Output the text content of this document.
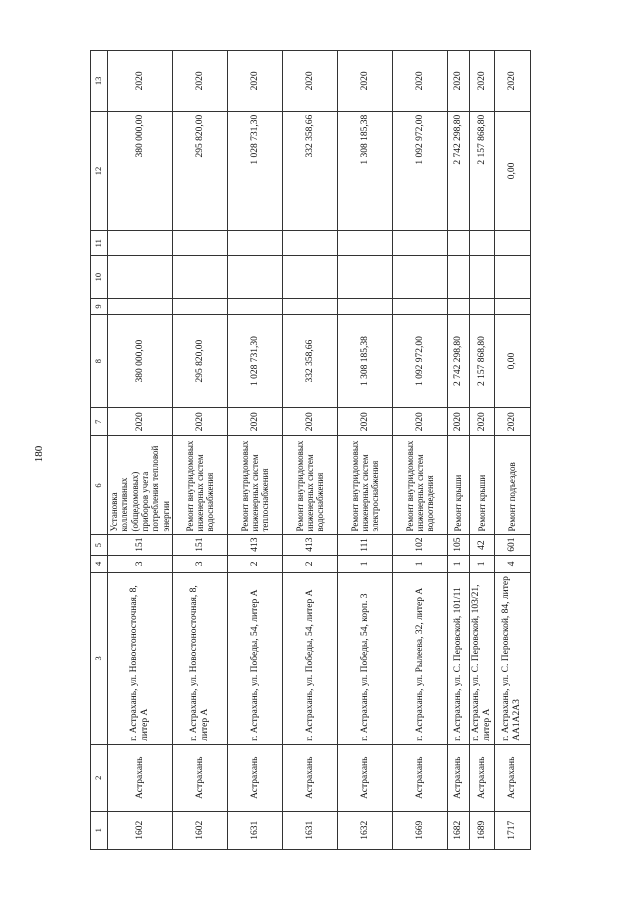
180
1	2	3	4	5	6	7	8	9	10	11	12	13
1602	Астрахань	г. Астрахань, ул. Новостоносточная, 8, литер А	3	151	Установка коллективных (общедомовых) приборов учета потребления тепловой энергии	2020	380 000,00				380 000,00	2020
1602	Астрахань	г. Астрахань, ул. Новостоносточная, 8, литер А	3	151	Ремонт внутридомовых инженерных систем водоснабжения	2020	295 820,00				295 820,00	2020
1631	Астрахань	г. Астрахань, ул. Победы, 54, литер А	2	413	Ремонт внутридомовых инженерных систем теплоснабжения	2020	1 028 731,30				1 028 731,30	2020
1631	Астрахань	г. Астрахань, ул. Победы, 54, литер А	2	413	Ремонт внутридомовых инженерных систем водоснабжения	2020	332 358,66				332 358,66	2020
1632	Астрахань	г. Астрахань, ул. Победы, 54, корп. 3	1	111	Ремонт внутридомовых инженерных систем электроснабжения	2020	1 308 185,38				1 308 185,38	2020
1669	Астрахань	г. Астрахань, ул. Рылеева, 32, литер А	1	102	Ремонт внутридомовых инженерных систем водоотведения	2020	1 092 972,00				1 092 972,00	2020
1682	Астрахань	г. Астрахань, ул. С. Перовской, 101/11	1	105	Ремонт крыши	2020	2 742 298,80				2 742 298,80	2020
1689	Астрахань	г. Астрахань, ул. С. Перовской, 103/21, литер А	1	42	Ремонт крыши	2020	2 157 868,80				2 157 868,80	2020
1717	Астрахань	г. Астрахань, ул. С. Перовской, 84, литер АА1А2А3	4	601	Ремонт подъездов	2020	0,00				0,00	2020
